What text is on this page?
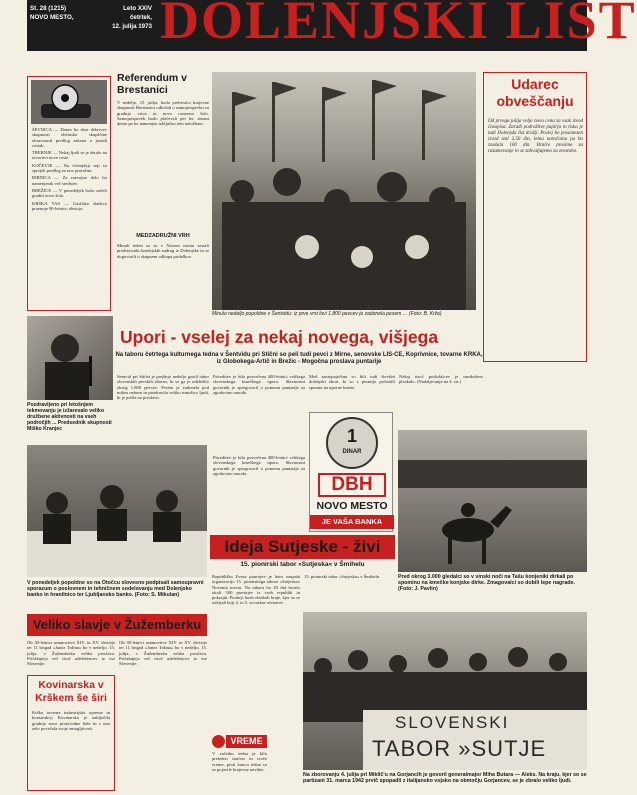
St. 28 (1215)	Leto XXIV
NOVO MESTO,	četrtek,
12. julija 1973 DOLENJSKI LIST

ŠEVNICA — Danes bo zbor delavcev skupnosti občinske skupščine obravnaval predlog zakona o javnih cestah.

TREBNJE — Nekaj ljudi se je zbralo na otvoritvi nove ceste.

KOČEVJE — Na včerajšnji seji so sprejeli predlog za nov proračun.

RIBNICA — Za razvojno delo bo namenjenih več sredstev.

BREŽICE — V ponedeljek bodo začeli graditi novo šolo.

KRŠKA VAS — Gasilsko društvo praznuje 90-letnico obstoja.

Referendum v Brestanici
V nedeljo, 15. julija, bodo prebivalci krajevne skupnosti Brestanica odločali o samoprispevku za gradnjo vrtca in novo osnovno šolo. Samoprispevek bodo plačevali pet let, zbrani denar pa bo namenjen izključno tem naložbam.
MEDZADRUŽNI VRH
Minuli teden so se v Novem mestu sestali predstavniki kmetijskih zadrug iz Dolenjske in se dogovorili o skupnem odkupu pridelkov.
Minulo nedeljo popoldne v Šentvidu: iz prve vrst lovi 1.800 pevcev je zadonela pesem … (Foto: B. Krže)
Udarec obveščanju
Od prvega julija velja nova cena za vsak izvod časopisa. Zaradi podražitve papirja in tiska je tudi Dolenjski list dražji. Poslej bo posamezen izvod stal 2,50 din, letna naročnina pa bo znašala 100 din. Bralce prosimo za razumevanje in se zahvaljujemo za zvestobo.
Upori - vselej za nekaj novega, višjega
Na taboru četrtega kulturnega tedna v Šentvidu pri Stični so peli tudi pevci z Mirne, senovske LIS-CE, Koprivnice, tovarne KRKA, iz Globokega-Artič in Brežic - Mogočna proslava puntarije
Pozdravljeno pri letošnjem tekmovanju je izžarevalo veliko družbene aktivnosti na vseh področjih ... Predsednik skupnosti Miško Kranjec
Sentvid pri Stični je prejšnjo nedeljo gostil tabor slovenskih pevskih zborov, ki se ga je udeležilo okrog 1.800 pevcev. Pesem je zadonela pod milim nebom in pozdravila veliko množico ljudi, ki je prišla na proslavo.
Prireditev je bila posvečena 400-letnici velikega slovenskega kmečkega upora. Slavnostni govornik je spregovoril o pomenu puntarije za zgodovino naroda.
Med nastopajočimi so bili tudi številni dolenjski zbori, ki so s pesmijo počastili spomin na uporne kmete.
Nekaj tisoč poslušalcev je navdušeno ploskalo. (Nadaljevanje na 4. str.)
V ponedeljek popoldne so na Otočcu slovesno podpisali samoupravni sporazum o poslovnem in tehničnem sodelovanju med Dolenjsko banko in hranilnico ter Ljubljansko banko. (Foto: S. Mikulan)
Prireditev je bila posvečena 400-letnici velikega slovenskega kmečkega upora. Slavnostni govornik je spregovoril o pomenu puntarije za zgodovino naroda.
1
DINAR
DBH
NOVO MESTO
JE VAŠA BANKA
Pred okrog 3.000 gledalci so v vinski noči na Tašu konjeniki dirkali po spominu na kmečke konjske dirke. Zmagovalci so dobili lepe nagrade. (Foto: J. Pavlin)
Ideja Sutjeske - živi
15. pionirski tabor »Sutjeska« v Šmihelu
Republiška Zveza pionirjev je letos zaupala organizacijo 15. pionirskega tabora »Sutjeska« Novemu mestu. Na taboru bo 20 dni bivalo okoli 500 pionirjev iz vseh republik in pokrajin. Pionirji bodo obiskali kraje, kjer so se odvijali boji 4. in 5. sovražne ofenzive.
15. pionirski tabor »Sutjeska« v Šmihelu
Veliko slavje v Žužemberku
Ob 30-letnici ustanovitve XIV. in XV. divizije ter 11 brigad »Janez Trdina« bo v nedeljo, 15. julija, v Žužemberku velika proslava. Pričakujejo več tisoč udeležencev iz vse Slovenije.
Ob 30-letnici ustanovitve XIV. in XV. divizije ter 11 brigad »Janez Trdina« bo v nedeljo, 15. julija, v Žužemberku velika proslava. Pričakujejo več tisoč udeležencev iz vse Slovenije.
Kovinarska v Krškem še širi
Krška tovarna industrijske opreme in konstrukcij Kovinarska je zaključila gradnjo nove proizvodne hale in s tem zelo povečala svoje zmogljivosti.
VREME
V začetku tedna je bilo pretežno sončno in vroče vreme, proti koncu tedna so se pojavile krajevne nevihte.
SLOVENSKI
TABOR »SUTJE
Na zborovanju 4. julija pri Miklič'u na Gorjancih je govoril generalmajor Miha Butara — Aleks. Na kraju, kjer so se partizani 31. marca 1942 prvič spopadli z italijansko vojsko na območju Gorjancev, se je zbralo veliko ljudi.
